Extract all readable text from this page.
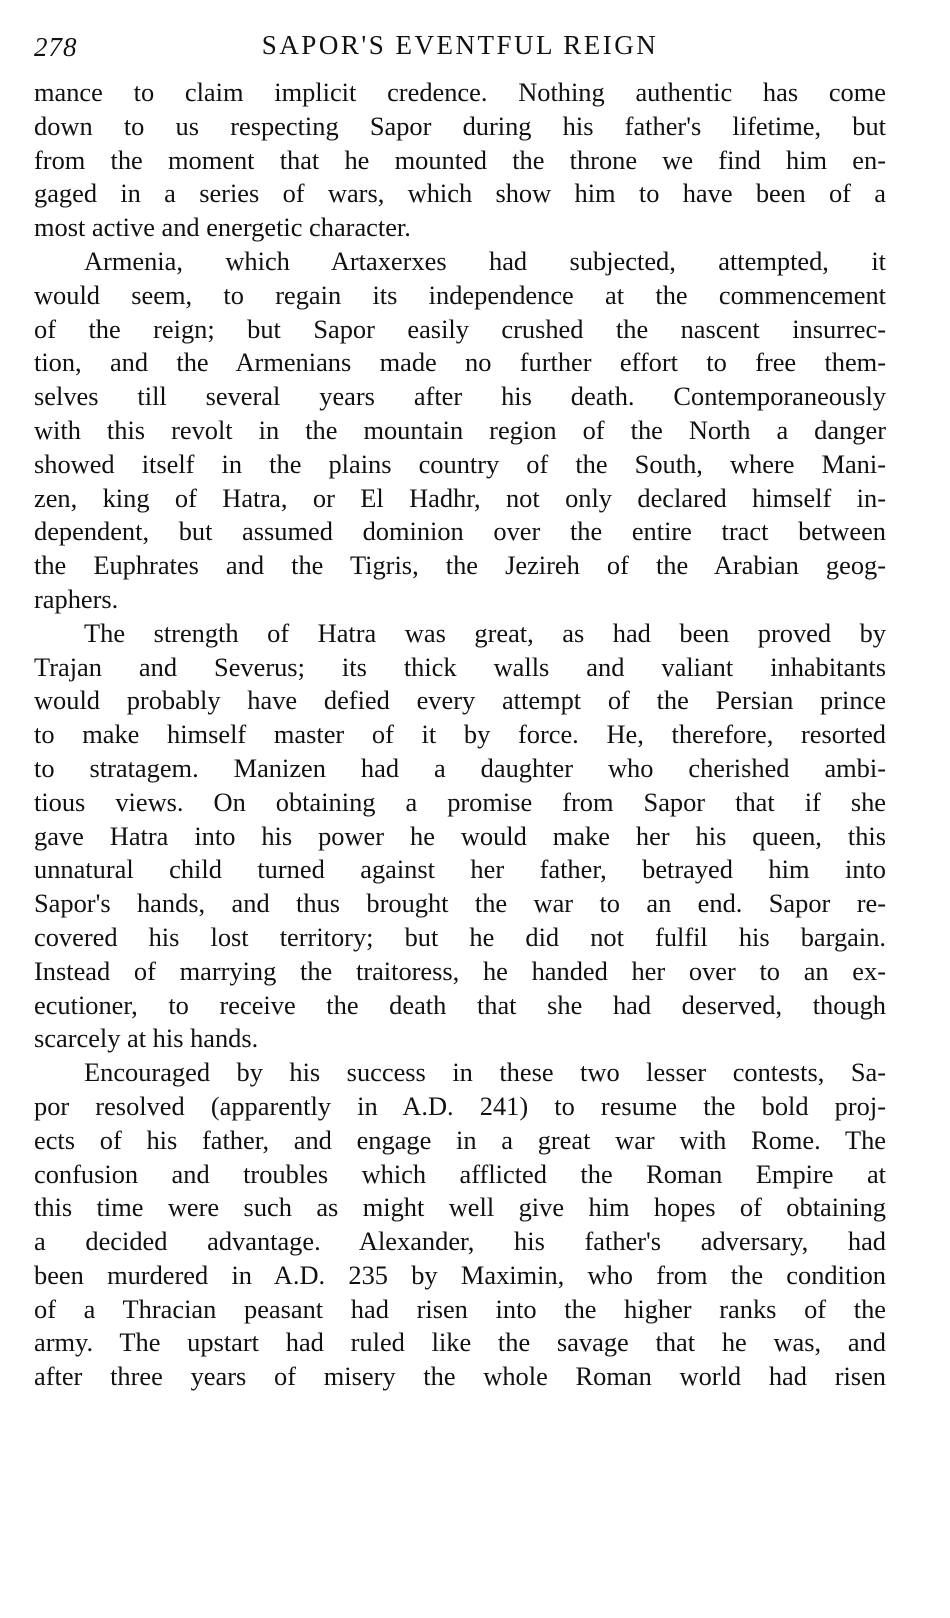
278	SAPOR'S EVENTFUL REIGN
mance to claim implicit credence. Nothing authentic has come
down to us respecting Sapor during his father's lifetime, but
from the moment that he mounted the throne we find him en-
gaged in a series of wars, which show him to have been of a
most active and energetic character.
Armenia, which Artaxerxes had subjected, attempted, it
would seem, to regain its independence at the commencement
of the reign; but Sapor easily crushed the nascent insurrec-
tion, and the Armenians made no further effort to free them-
selves till several years after his death. Contemporaneously
with this revolt in the mountain region of the North a danger
showed itself in the plains country of the South, where Mani-
zen, king of Hatra, or El Hadhr, not only declared himself in-
dependent, but assumed dominion over the entire tract between
the Euphrates and the Tigris, the Jezireh of the Arabian geog-
raphers.
The strength of Hatra was great, as had been proved by
Trajan and Severus; its thick walls and valiant inhabitants
would probably have defied every attempt of the Persian prince
to make himself master of it by force. He, therefore, resorted
to stratagem. Manizen had a daughter who cherished ambi-
tious views. On obtaining a promise from Sapor that if she
gave Hatra into his power he would make her his queen, this
unnatural child turned against her father, betrayed him into
Sapor's hands, and thus brought the war to an end. Sapor re-
covered his lost territory; but he did not fulfil his bargain.
Instead of marrying the traitoress, he handed her over to an ex-
ecutioner, to receive the death that she had deserved, though
scarcely at his hands.
Encouraged by his success in these two lesser contests, Sa-
por resolved (apparently in A.D. 241) to resume the bold proj-
ects of his father, and engage in a great war with Rome. The
confusion and troubles which afflicted the Roman Empire at
this time were such as might well give him hopes of obtaining
a decided advantage. Alexander, his father's adversary, had
been murdered in A.D. 235 by Maximin, who from the condition
of a Thracian peasant had risen into the higher ranks of the
army. The upstart had ruled like the savage that he was, and
after three years of misery the whole Roman world had risen
